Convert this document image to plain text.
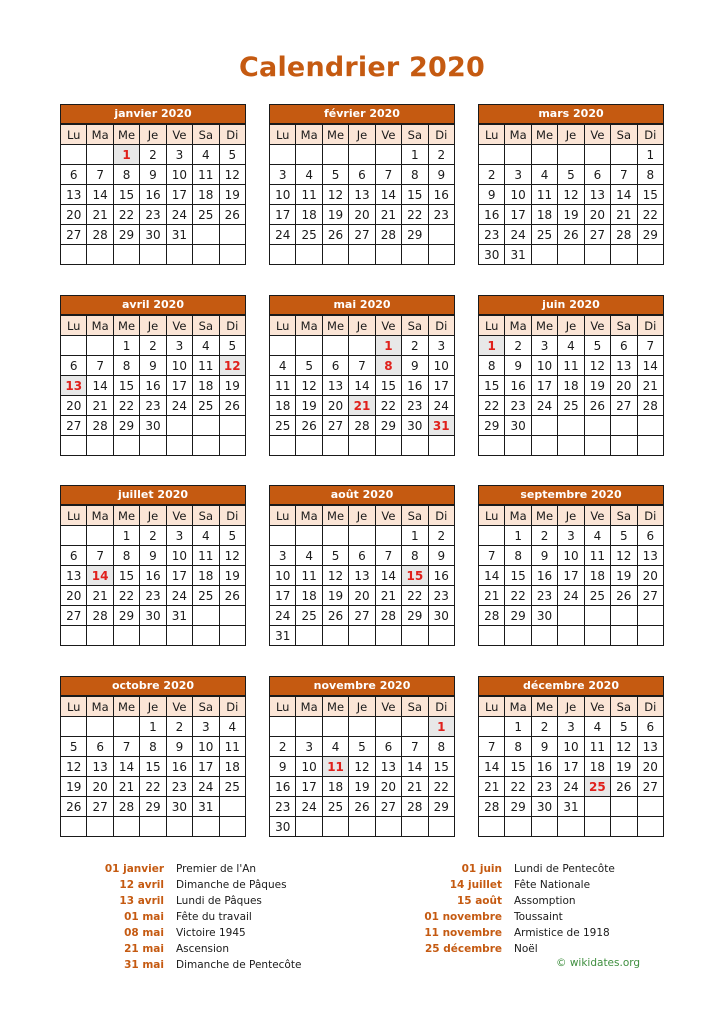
Calendrier 2020
janvier 2020
Lu	Ma	Me	Je	Ve	Sa	Di
		1	2	3	4	5
6	7	8	9	10	11	12
13	14	15	16	17	18	19
20	21	22	23	24	25	26
27	28	29	30	31		

février 2020
Lu	Ma	Me	Je	Ve	Sa	Di
					1	2
3	4	5	6	7	8	9
10	11	12	13	14	15	16
17	18	19	20	21	22	23
24	25	26	27	28	29	

mars 2020
Lu	Ma	Me	Je	Ve	Sa	Di
						1
2	3	4	5	6	7	8
9	10	11	12	13	14	15
16	17	18	19	20	21	22
23	24	25	26	27	28	29
30	31					
avril 2020
Lu	Ma	Me	Je	Ve	Sa	Di
		1	2	3	4	5
6	7	8	9	10	11	12
13	14	15	16	17	18	19
20	21	22	23	24	25	26
27	28	29	30			

mai 2020
Lu	Ma	Me	Je	Ve	Sa	Di
				1	2	3
4	5	6	7	8	9	10
11	12	13	14	15	16	17
18	19	20	21	22	23	24
25	26	27	28	29	30	31

juin 2020
Lu	Ma	Me	Je	Ve	Sa	Di
1	2	3	4	5	6	7
8	9	10	11	12	13	14
15	16	17	18	19	20	21
22	23	24	25	26	27	28
29	30					

juillet 2020
Lu	Ma	Me	Je	Ve	Sa	Di
		1	2	3	4	5
6	7	8	9	10	11	12
13	14	15	16	17	18	19
20	21	22	23	24	25	26
27	28	29	30	31		

août 2020
Lu	Ma	Me	Je	Ve	Sa	Di
					1	2
3	4	5	6	7	8	9
10	11	12	13	14	15	16
17	18	19	20	21	22	23
24	25	26	27	28	29	30
31						
septembre 2020
Lu	Ma	Me	Je	Ve	Sa	Di
	1	2	3	4	5	6
7	8	9	10	11	12	13
14	15	16	17	18	19	20
21	22	23	24	25	26	27
28	29	30				

octobre 2020
Lu	Ma	Me	Je	Ve	Sa	Di
			1	2	3	4
5	6	7	8	9	10	11
12	13	14	15	16	17	18
19	20	21	22	23	24	25
26	27	28	29	30	31	

novembre 2020
Lu	Ma	Me	Je	Ve	Sa	Di
						1
2	3	4	5	6	7	8
9	10	11	12	13	14	15
16	17	18	19	20	21	22
23	24	25	26	27	28	29
30						
décembre 2020
Lu	Ma	Me	Je	Ve	Sa	Di
	1	2	3	4	5	6
7	8	9	10	11	12	13
14	15	16	17	18	19	20
21	22	23	24	25	26	27
28	29	30	31			

01 janvier Premier de l'An
12 avril Dimanche de Pâques
13 avril Lundi de Pâques
01 mai Fête du travail
08 mai Victoire 1945
21 mai Ascension
31 mai Dimanche de Pentecôte
01 juin Lundi de Pentecôte
14 juillet Fête Nationale
15 août Assomption
01 novembre Toussaint
11 novembre Armistice de 1918
25 décembre Noël
© wikidates.org
